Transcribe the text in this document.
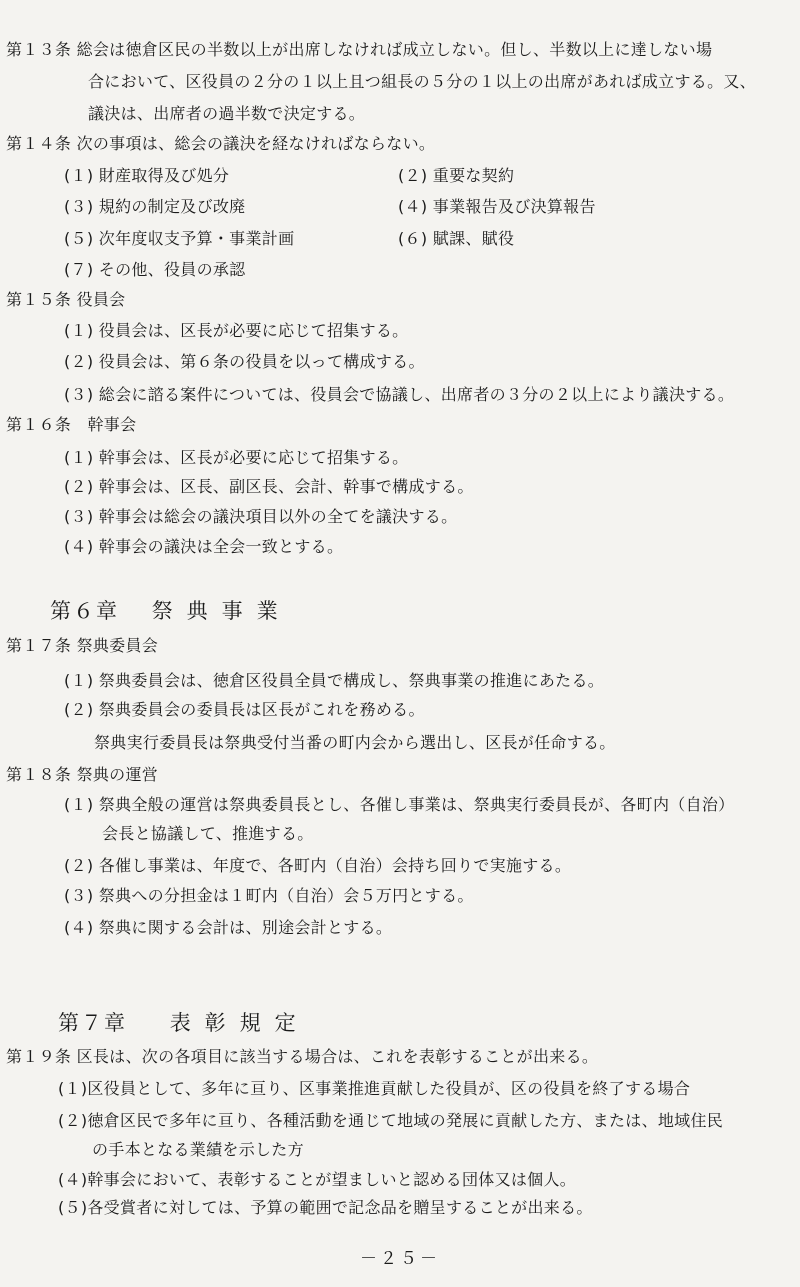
第１３条 総会は徳倉区民の半数以上が出席しなければ成立しない。但し、半数以上に達しない場
合において、区役員の２分の１以上且つ組長の５分の１以上の出席があれば成立する。又、
議決は、出席者の過半数で決定する。
第１４条 次の事項は、総会の議決を経なければならない。
(１) 財産取得及び処分	(２) 重要な契約
(３) 規約の制定及び改廃	(４) 事業報告及び決算報告
(５) 次年度収支予算・事業計画	(６) 賦課、賦役
(７) その他、役員の承認
第１５条 役員会
(１) 役員会は、区長が必要に応じて招集する。
(２) 役員会は、第６条の役員を以って構成する。
(３) 総会に諮る案件については、役員会で協議し、出席者の３分の２以上により議決する。
第１６条　幹事会
(１) 幹事会は、区長が必要に応じて招集する。
(２) 幹事会は、区長、副区長、会計、幹事で構成する。
(３) 幹事会は総会の議決項目以外の全てを議決する。
(４) 幹事会の議決は全会一致とする。
第６章 祭典事業
第１７条 祭典委員会
(１) 祭典委員会は、徳倉区役員全員で構成し、祭典事業の推進にあたる。
(２) 祭典委員会の委員長は区長がこれを務める。
祭典実行委員長は祭典受付当番の町内会から選出し、区長が任命する。
第１８条 祭典の運営
(１) 祭典全般の運営は祭典委員長とし、各催し事業は、祭典実行委員長が、各町内（自治）
会長と協議して、推進する。
(２) 各催し事業は、年度で、各町内（自治）会持ち回りで実施する。
(３) 祭典への分担金は１町内（自治）会５万円とする。
(４) 祭典に関する会計は、別途会計とする。
第７章 表彰規定
第１９条 区長は、次の各項目に該当する場合は、これを表彰することが出来る。
(１)区役員として、多年に亘り、区事業推進貢献した役員が、区の役員を終了する場合
(２)徳倉区民で多年に亘り、各種活動を通じて地域の発展に貢献した方、または、地域住民
の手本となる業績を示した方
(４)幹事会において、表彰することが望ましいと認める団体又は個人。
(５)各受賞者に対しては、予算の範囲で記念品を贈呈することが出来る。
－２５－
